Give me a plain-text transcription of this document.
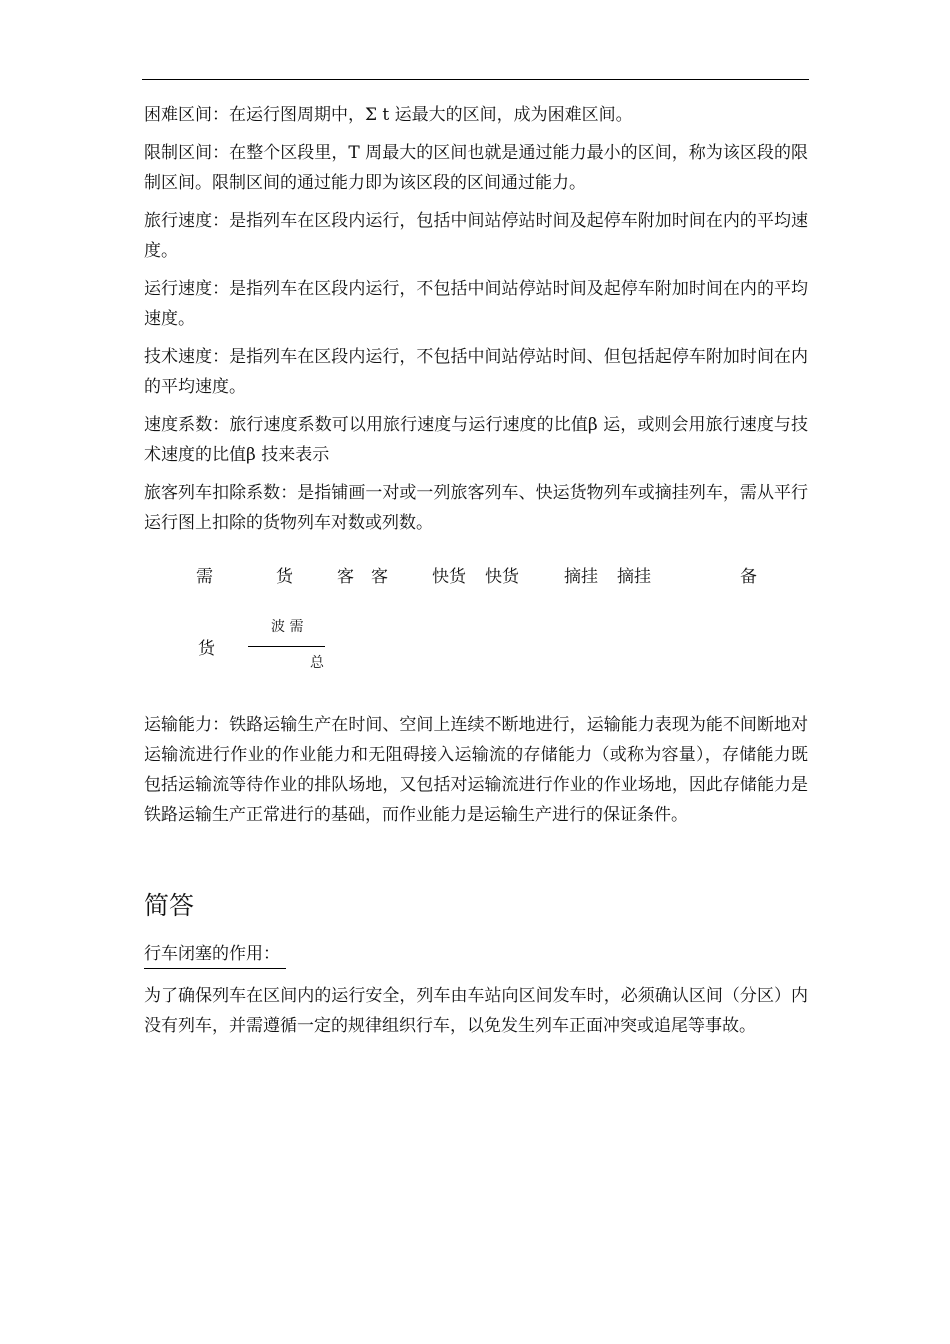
困难区间：在运行图周期中，Σ t 运最大的区间，成为困难区间。

限制区间：在整个区段里，T 周最大的区间也就是通过能力最小的区间，称为该区段的限制区间。限制区间的通过能力即为该区段的区间通过能力。

旅行速度：是指列车在区段内运行，包括中间站停站时间及起停车附加时间在内的平均速度。

运行速度：是指列车在区段内运行，不包括中间站停站时间及起停车附加时间在内的平均速度。

技术速度：是指列车在区段内运行，不包括中间站停站时间、但包括起停车附加时间在内的平均速度。

速度系数：旅行速度系数可以用旅行速度与运行速度的比值β 运，或则会用旅行速度与技术速度的比值β 技来表示

旅客列车扣除系数：是指铺画一对或一列旅客列车、快运货物列车或摘挂列车，需从平行运行图上扣除的货物列车对数或列数。

需	货	客 客	快货 快货	摘挂 摘挂	备
货
波 需
总

运输能力：铁路运输生产在时间、空间上连续不断地进行，运输能力表现为能不间断地对运输流进行作业的作业能力和无阻碍接入运输流的存储能力（或称为容量），存储能力既包括运输流等待作业的排队场地，又包括对运输流进行作业的作业场地，因此存储能力是铁路运输生产正常进行的基础，而作业能力是运输生产进行的保证条件。

简答
行车闭塞的作用：

为了确保列车在区间内的运行安全，列车由车站向区间发车时，必须确认区间（分区）内没有列车，并需遵循一定的规律组织行车，以免发生列车正面冲突或追尾等事故。
